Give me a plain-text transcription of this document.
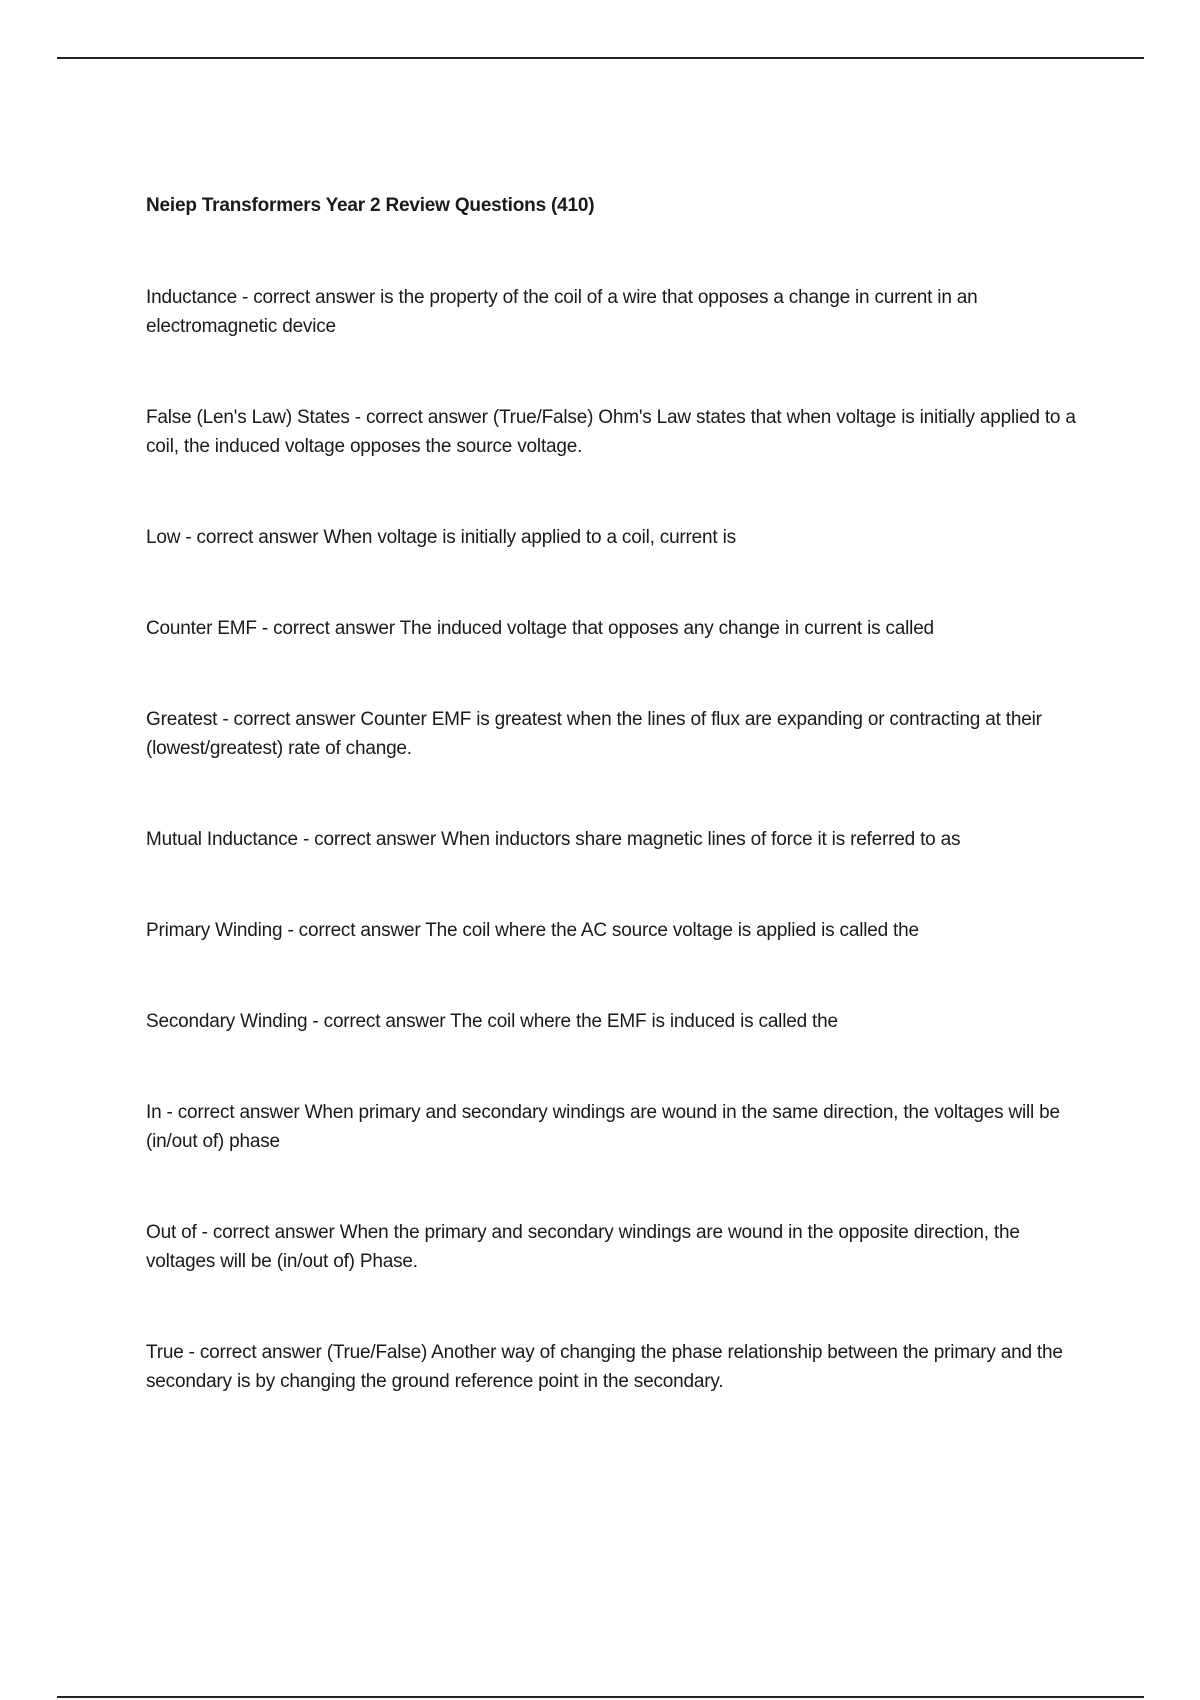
Neiep Transformers Year 2 Review Questions (410)
Inductance - correct answer is the property of the coil of a wire that opposes a change in current in an electromagnetic device
False (Len's Law) States - correct answer (True/False) Ohm's Law states that when voltage is initially applied to a coil, the induced voltage opposes the source voltage.
Low - correct answer When voltage is initially applied to a coil, current is
Counter EMF - correct answer The induced voltage that opposes any change in current is called
Greatest - correct answer Counter EMF is greatest when the lines of flux are expanding or contracting at their (lowest/greatest) rate of change.
Mutual Inductance - correct answer When inductors share magnetic lines of force it is referred to as
Primary Winding - correct answer The coil where the AC source voltage is applied is called the
Secondary Winding - correct answer The coil where the EMF is induced is called the
In - correct answer When primary and secondary windings are wound in the same direction, the voltages will be (in/out of) phase
Out of - correct answer When the primary and secondary windings are wound in the opposite direction, the voltages will be (in/out of) Phase.
True - correct answer (True/False) Another way of changing the phase relationship between the primary and the secondary is by changing the ground reference point in the secondary.
